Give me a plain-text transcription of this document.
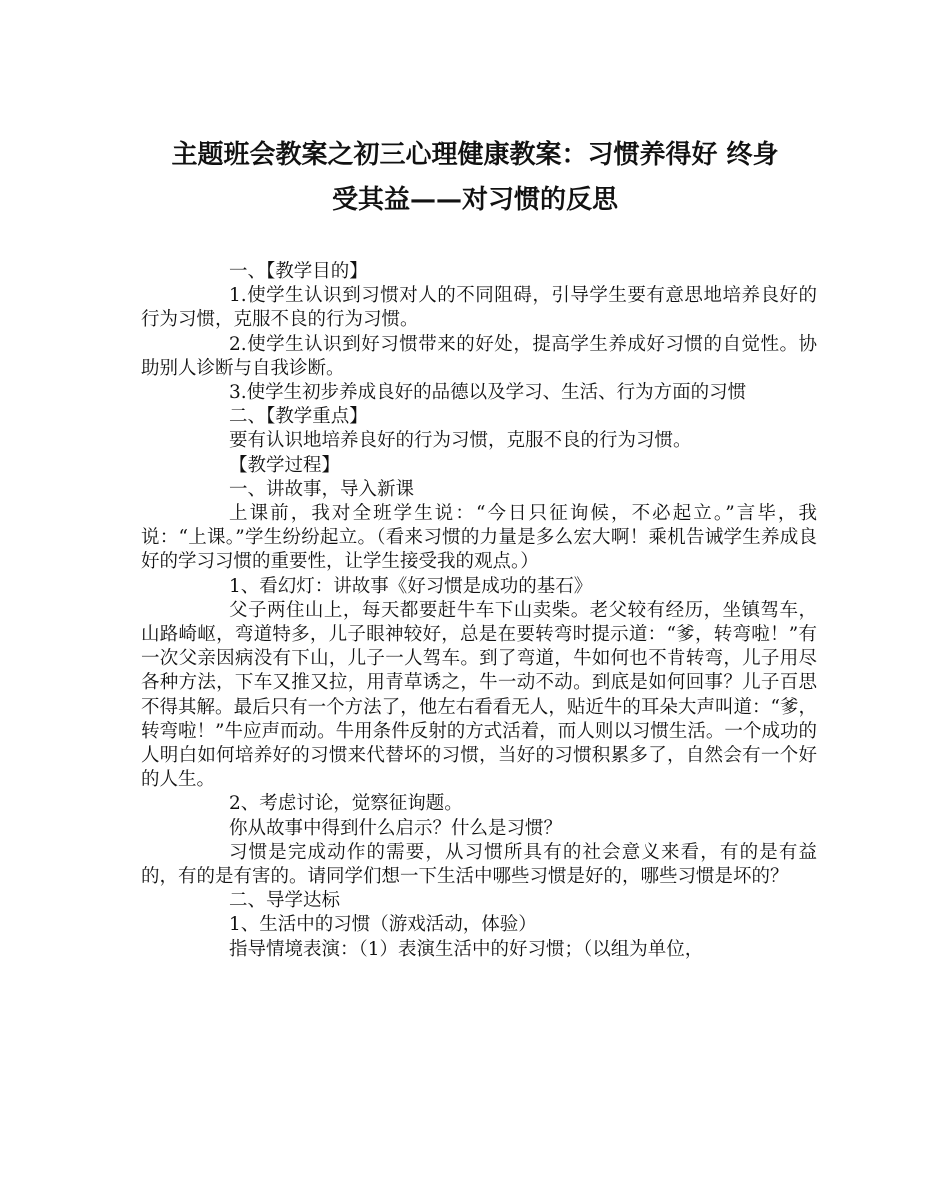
主题班会教案之初三心理健康教案：习惯养得好 终身
受其益——对习惯的反思

一、【教学目的】

1.使学生认识到习惯对人的不同阻碍，引导学生要有意思地培养良好的行为习惯，克服不良的行为习惯。

2.使学生认识到好习惯带来的好处，提高学生养成好习惯的自觉性。协助别人诊断与自我诊断。

3.使学生初步养成良好的品德以及学习、生活、行为方面的习惯

二、【教学重点】

要有认识地培养良好的行为习惯，克服不良的行为习惯。

【教学过程】

一、讲故事，导入新课

上课前，我对全班学生说：“今日只征询候，不必起立。”言毕，我说：“上课。”学生纷纷起立。（看来习惯的力量是多么宏大啊！乘机告诫学生养成良好的学习习惯的重要性，让学生接受我的观点。）

1、看幻灯：讲故事《好习惯是成功的基石》

父子两住山上，每天都要赶牛车下山卖柴。老父较有经历，坐镇驾车，山路崎岖，弯道特多，儿子眼神较好，总是在要转弯时提示道：“爹，转弯啦！”有一次父亲因病没有下山，儿子一人驾车。到了弯道，牛如何也不肯转弯，儿子用尽各种方法，下车又推又拉，用青草诱之，牛一动不动。到底是如何回事？儿子百思不得其解。最后只有一个方法了，他左右看看无人，贴近牛的耳朵大声叫道：“爹，转弯啦！”牛应声而动。牛用条件反射的方式活着，而人则以习惯生活。一个成功的人明白如何培养好的习惯来代替坏的习惯，当好的习惯积累多了，自然会有一个好的人生。

2、考虑讨论，觉察征询题。

你从故事中得到什么启示？什么是习惯？

习惯是完成动作的需要，从习惯所具有的社会意义来看，有的是有益的，有的是有害的。请同学们想一下生活中哪些习惯是好的，哪些习惯是坏的？

二、导学达标

1、生活中的习惯（游戏活动，体验）

指导情境表演：（1）表演生活中的好习惯；（以组为单位，
